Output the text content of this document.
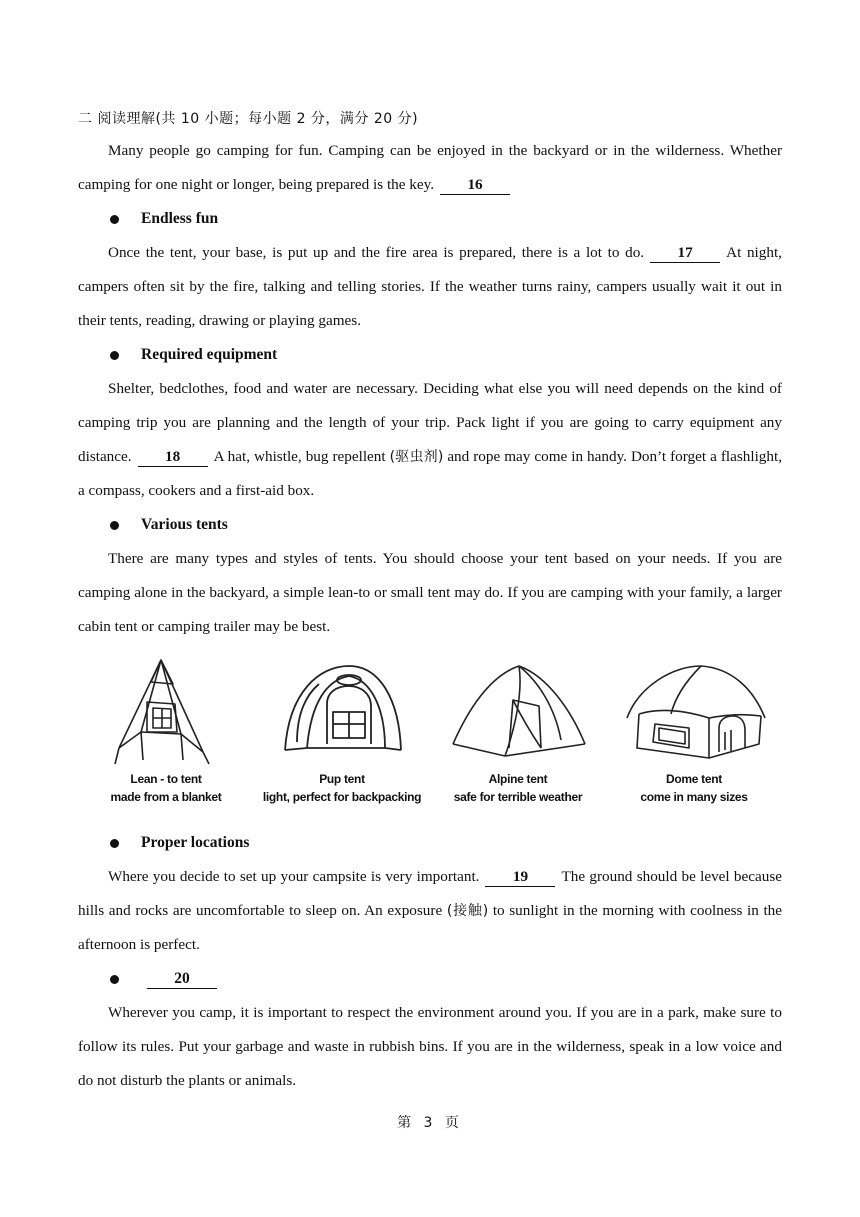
二 阅读理解(共 10 小题；每小题 2 分，满分 20 分)

Many people go camping for fun. Camping can be enjoyed in the backyard or in the wilderness. Whether camping for one night or longer, being prepared is the key. 16

Endless fun

Once the tent, your base, is put up and the fire area is prepared, there is a lot to do. 17 At night, campers often sit by the fire, talking and telling stories. If the weather turns rainy, campers usually wait it out in their tents, reading, drawing or playing games.

Required equipment

Shelter, bedclothes, food and water are necessary. Deciding what else you will need depends on the kind of camping trip you are planning and the length of your trip. Pack light if you are going to carry equipment any distance. 18 A hat, whistle, bug repellent (驱虫剂) and rope may come in handy. Don’t forget a flashlight, a compass, cookers and a first-aid box.

Various tents

There are many types and styles of tents. You should choose your tent based on your needs. If you are camping alone in the backyard, a simple lean-to or small tent may do. If you are camping with your family, a larger cabin tent or camping trailer may be best.

Lean - to tent
made from a blanket
Pup tent
light, perfect for backpacking
Alpine tent
safe for terrible weather
Dome tent
come in many sizes
Proper locations

Where you decide to set up your campsite is very important. 19 The ground should be level because hills and rocks are uncomfortable to sleep on. An exposure (接触) to sunlight in the morning with coolness in the afternoon is perfect.

20

Wherever you camp, it is important to respect the environment around you. If you are in a park, make sure to follow its rules. Put your garbage and waste in rubbish bins. If you are in the wilderness, speak in a low voice and do not disturb the plants or animals.

第 3 页
